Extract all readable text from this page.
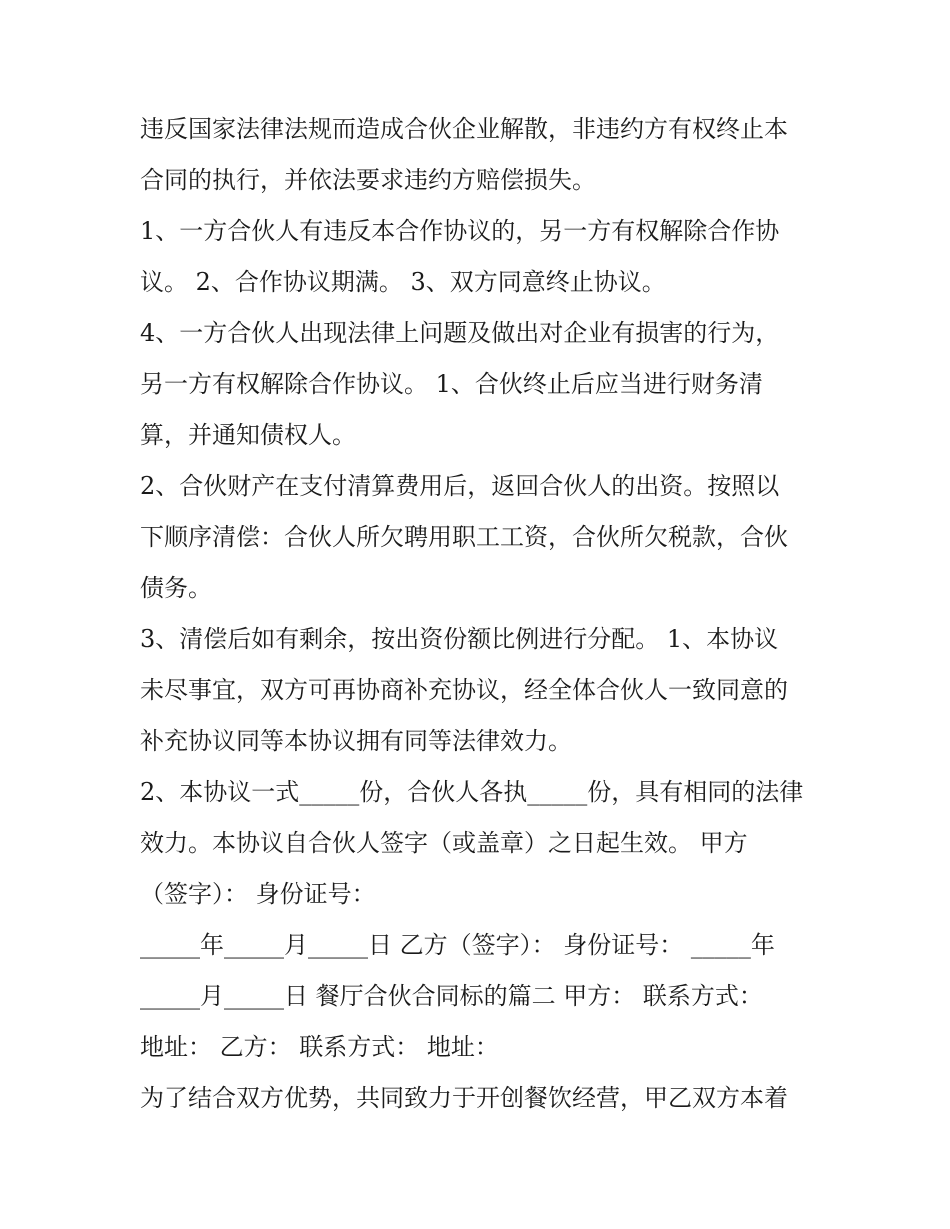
违反国家法律法规而造成合伙企业解散，非违约方有权终止本
合同的执行，并依法要求违约方赔偿损失。
1、一方合伙人有违反本合作协议的，另一方有权解除合作协
议。 2、合作协议期满。 3、双方同意终止协议。
4、一方合伙人出现法律上问题及做出对企业有损害的行为，
另一方有权解除合作协议。 1、合伙终止后应当进行财务清
算，并通知债权人。
2、合伙财产在支付清算费用后，返回合伙人的出资。按照以
下顺序清偿：合伙人所欠聘用职工工资，合伙所欠税款，合伙
债务。
3、清偿后如有剩余，按出资份额比例进行分配。 1、本协议
未尽事宜，双方可再协商补充协议，经全体合伙人一致同意的
补充协议同等本协议拥有同等法律效力。
2、本协议一式_____份，合伙人各执_____份，具有相同的法律
效力。本协议自合伙人签字（或盖章）之日起生效。 甲方
（签字）： 身份证号：
_____年_____月_____日 乙方（签字）： 身份证号： _____年
_____月_____日 餐厅合伙合同标的篇二 甲方： 联系方式：
地址： 乙方： 联系方式： 地址：
为了结合双方优势，共同致力于开创餐饮经营，甲乙双方本着
